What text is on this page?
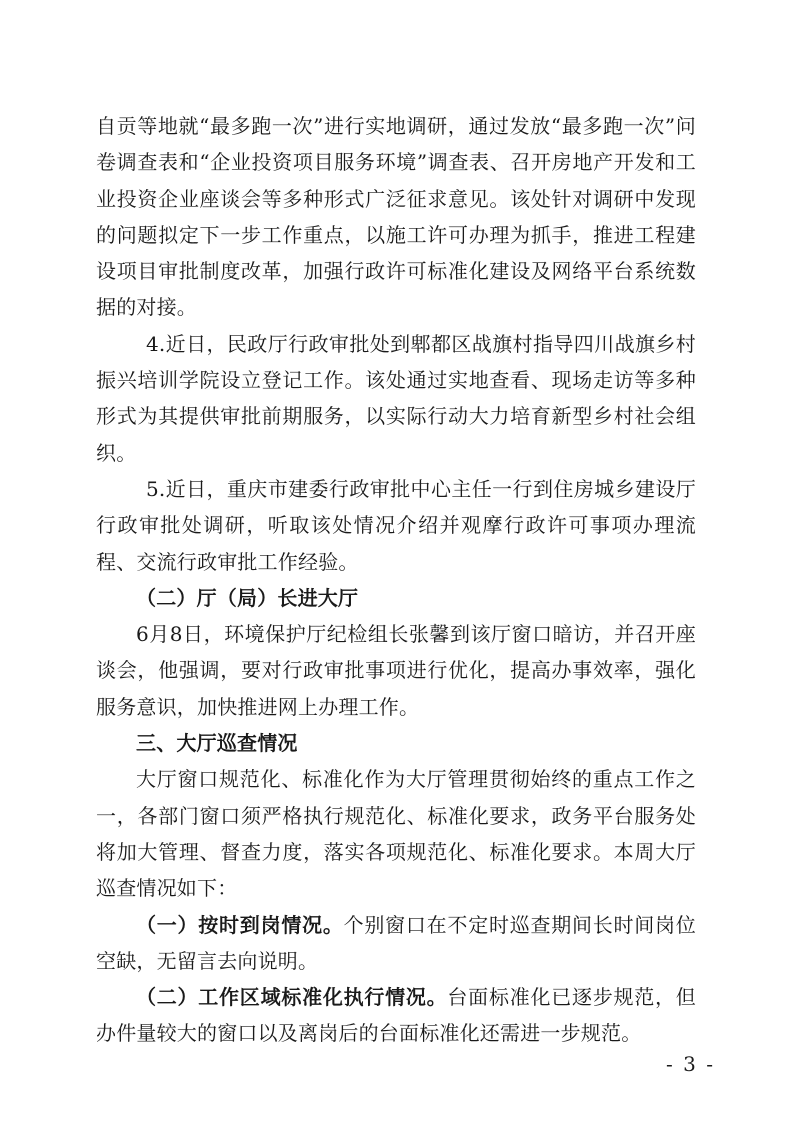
自贡等地就“最多跑一次”进行实地调研，通过发放“最多跑一次”问卷调查表和“企业投资项目服务环境”调查表、召开房地产开发和工业投资企业座谈会等多种形式广泛征求意见。该处针对调研中发现的问题拟定下一步工作重点，以施工许可办理为抓手，推进工程建设项目审批制度改革，加强行政许可标准化建设及网络平台系统数据的对接。

4.近日，民政厅行政审批处到郫都区战旗村指导四川战旗乡村振兴培训学院设立登记工作。该处通过实地查看、现场走访等多种形式为其提供审批前期服务，以实际行动大力培育新型乡村社会组织。

5.近日，重庆市建委行政审批中心主任一行到住房城乡建设厅行政审批处调研，听取该处情况介绍并观摩行政许可事项办理流程、交流行政审批工作经验。

（二）厅（局）长进大厅

6月8日，环境保护厅纪检组长张馨到该厅窗口暗访，并召开座谈会，他强调，要对行政审批事项进行优化，提高办事效率，强化服务意识，加快推进网上办理工作。

三、大厅巡查情况

大厅窗口规范化、标准化作为大厅管理贯彻始终的重点工作之一，各部门窗口须严格执行规范化、标准化要求，政务平台服务处将加大管理、督查力度，落实各项规范化、标准化要求。本周大厅巡查情况如下：

（一）按时到岗情况。个别窗口在不定时巡查期间长时间岗位空缺，无留言去向说明。

（二）工作区域标准化执行情况。台面标准化已逐步规范，但办件量较大的窗口以及离岗后的台面标准化还需进一步规范。

- 3 -
